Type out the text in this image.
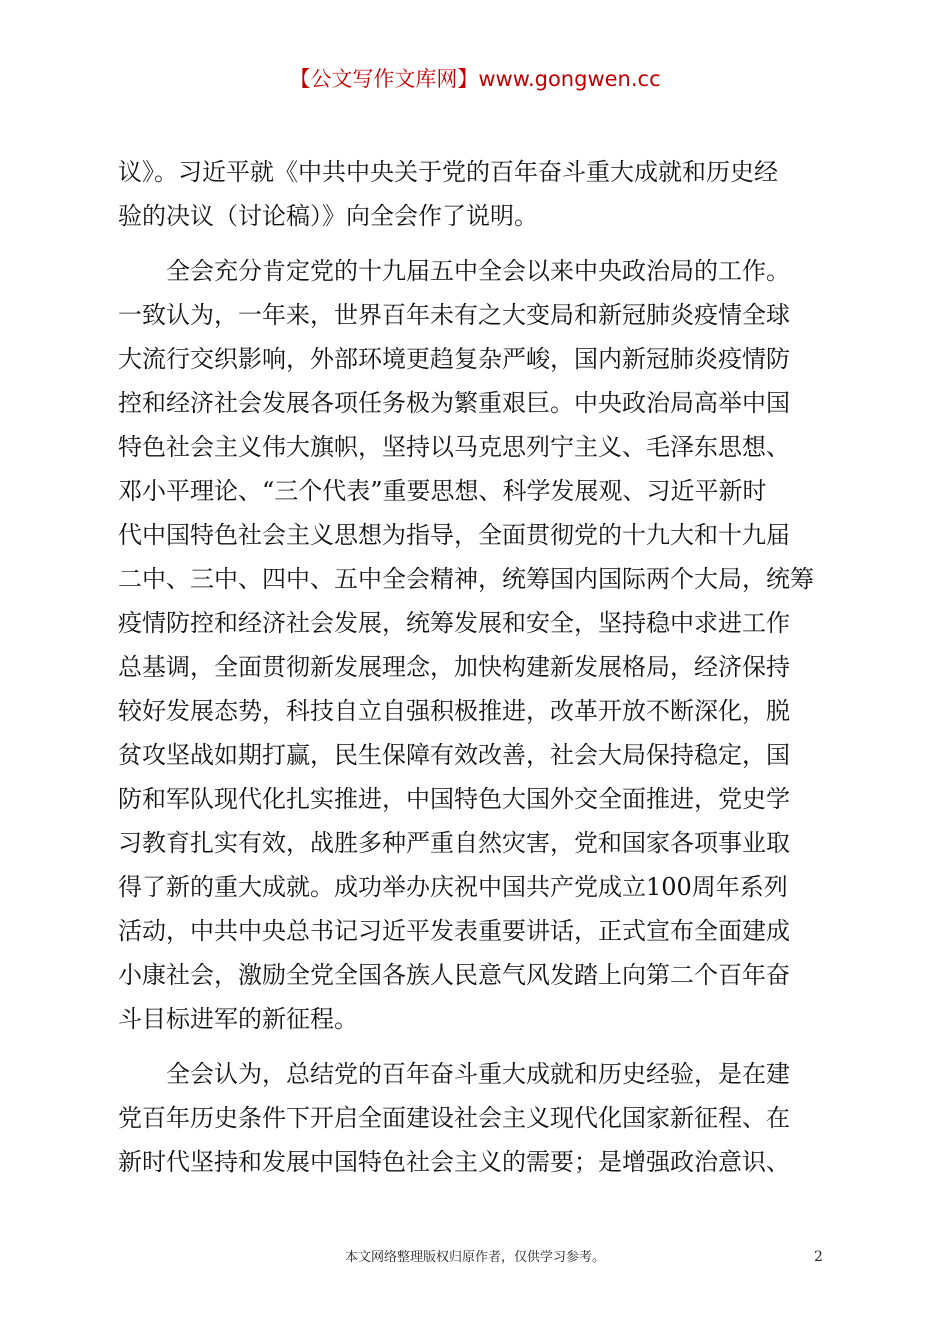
【公文写作文库网】www.gongwen.cc
议》。习近平就《中共中央关于党的百年奋斗重大成就和历史经
验的决议（讨论稿）》向全会作了说明。
　　全会充分肯定党的十九届五中全会以来中央政治局的工作。
一致认为，一年来，世界百年未有之大变局和新冠肺炎疫情全球
大流行交织影响，外部环境更趋复杂严峻，国内新冠肺炎疫情防
控和经济社会发展各项任务极为繁重艰巨。中央政治局高举中国
特色社会主义伟大旗帜，坚持以马克思列宁主义、毛泽东思想、
邓小平理论、“三个代表”重要思想、科学发展观、习近平新时
代中国特色社会主义思想为指导，全面贯彻党的十九大和十九届
二中、三中、四中、五中全会精神，统筹国内国际两个大局，统筹
疫情防控和经济社会发展，统筹发展和安全，坚持稳中求进工作
总基调，全面贯彻新发展理念，加快构建新发展格局，经济保持
较好发展态势，科技自立自强积极推进，改革开放不断深化，脱
贫攻坚战如期打赢，民生保障有效改善，社会大局保持稳定，国
防和军队现代化扎实推进，中国特色大国外交全面推进，党史学
习教育扎实有效，战胜多种严重自然灾害，党和国家各项事业取
得了新的重大成就。成功举办庆祝中国共产党成立100周年系列
活动，中共中央总书记习近平发表重要讲话，正式宣布全面建成
小康社会，激励全党全国各族人民意气风发踏上向第二个百年奋
斗目标进军的新征程。
　　全会认为，总结党的百年奋斗重大成就和历史经验，是在建
党百年历史条件下开启全面建设社会主义现代化国家新征程、在
新时代坚持和发展中国特色社会主义的需要；是增强政治意识、
本文网络整理版权归原作者，仅供学习参考。	2
